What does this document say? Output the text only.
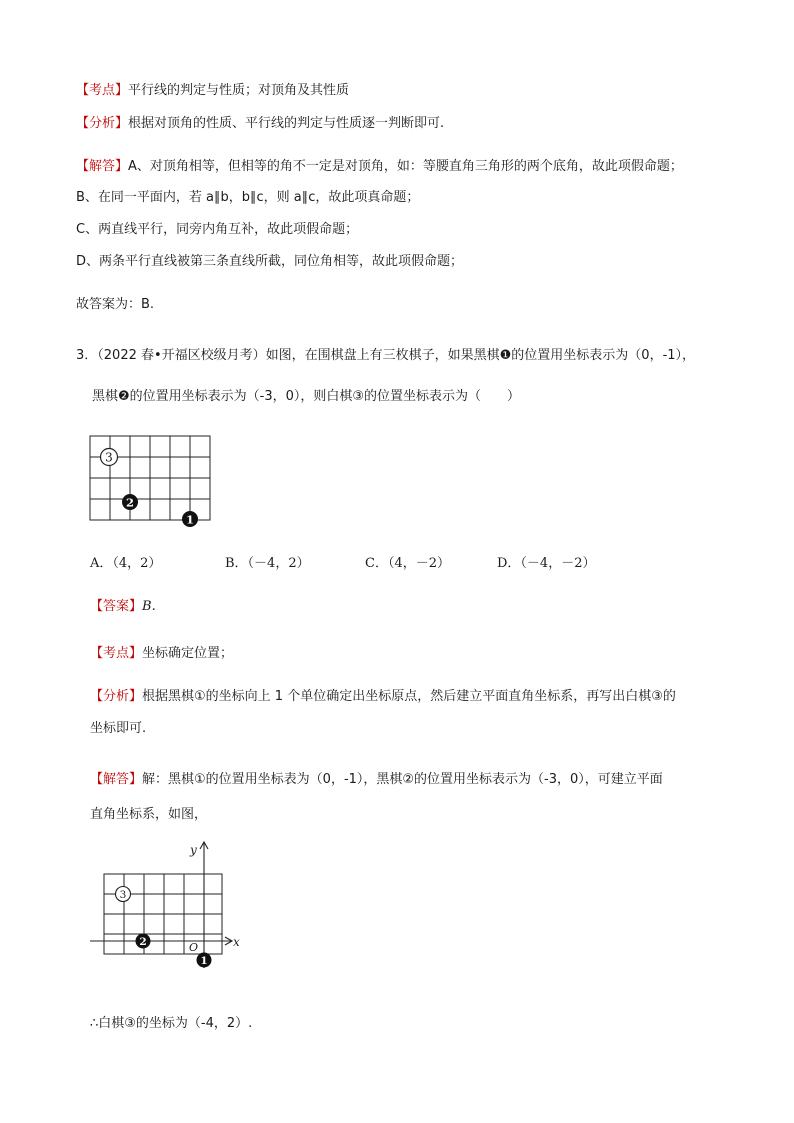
【考点】平行线的判定与性质；对顶角及其性质
【分析】根据对顶角的性质、平行线的判定与性质逐一判断即可.
【解答】A、对顶角相等，但相等的角不一定是对顶角，如：等腰直角三角形的两个底角，故此项假命题；
B、在同一平面内，若 a∥b，b∥c，则 a∥c，故此项真命题；
C、两直线平行，同旁内角互补，故此项假命题；
D、两条平行直线被第三条直线所截，同位角相等，故此项假命题；
故答案为：B.
3．（2022 春•开福区校级月考）如图，在围棋盘上有三枚棋子，如果黑棋❶的位置用坐标表示为（0，-1），
黑棋❷的位置用坐标表示为（-3，0），则白棋③的位置坐标表示为（　　）
3
2
1
A．（4，2）	B．（－4，2）	C．（4，－2）	D．（－4，－2）
【答案】B.
【考点】坐标确定位置；
【分析】根据黑棋①的坐标向上 1 个单位确定出坐标原点，然后建立平面直角坐标系，再写出白棋③的
坐标即可.
【解答】解：黑棋①的位置用坐标表为（0，-1），黑棋②的位置用坐标表示为（-3，0），可建立平面
直角坐标系，如图，
x
y
O
3
2
1
∴白棋③的坐标为（-4，2）.
